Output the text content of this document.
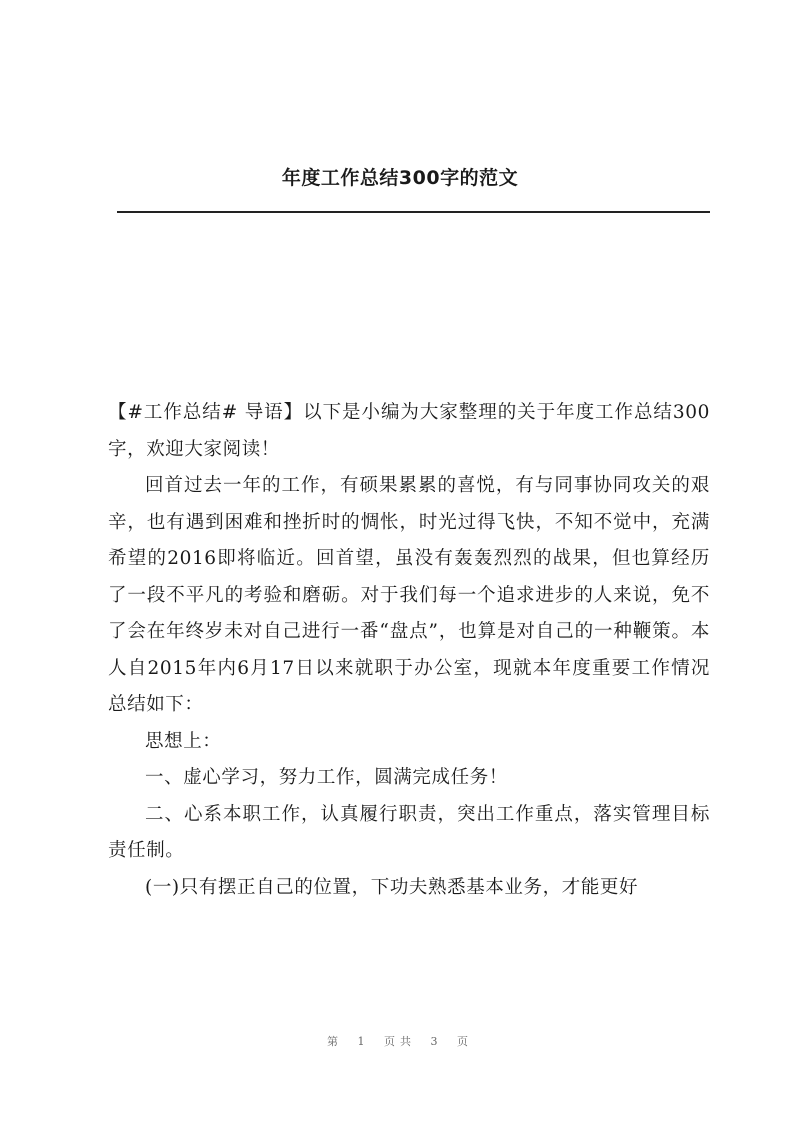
年度工作总结300字的范文

【#工作总结# 导语】以下是小编为大家整理的关于年度工作总结300字，欢迎大家阅读！

回首过去一年的工作，有硕果累累的喜悦，有与同事协同攻关的艰辛，也有遇到困难和挫折时的惆怅，时光过得飞快，不知不觉中，充满希望的2016即将临近。回首望，虽没有轰轰烈烈的战果，但也算经历了一段不平凡的考验和磨砺。对于我们每一个追求进步的人来说，免不了会在年终岁未对自己进行一番“盘点”，也算是对自己的一种鞭策。本人自2015年内6月17日以来就职于办公室，现就本年度重要工作情况总结如下：

思想上：

一、虚心学习，努力工作，圆满完成任务！

二、心系本职工作，认真履行职责，突出工作重点，落实管理目标责任制。

(一)只有摆正自己的位置，下功夫熟悉基本业务，才能更好

第 1 页共 3 页
